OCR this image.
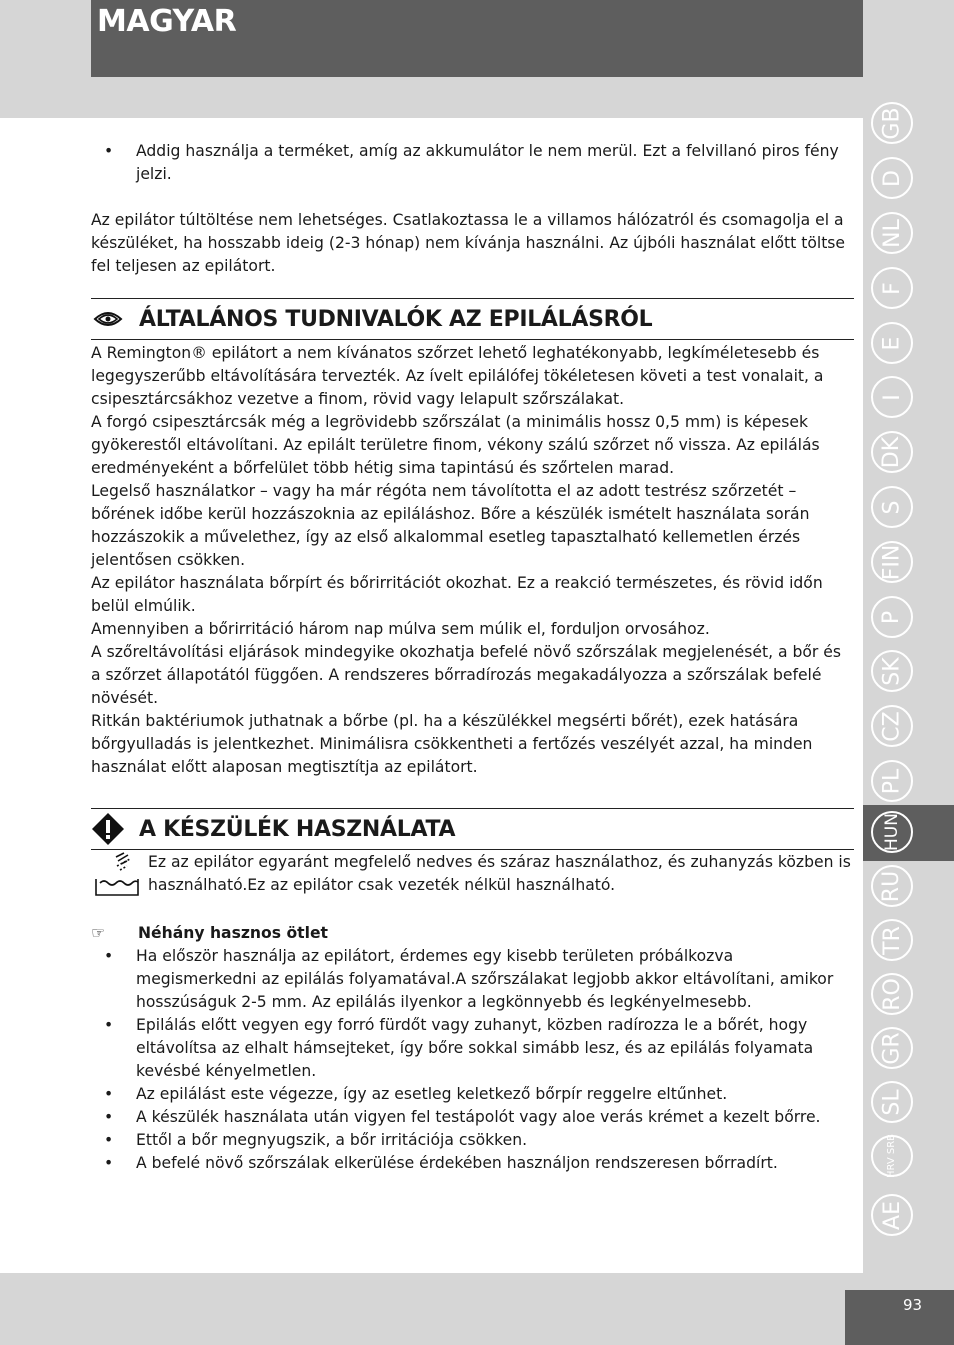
MAGYAR
• Addig használja a terméket, amíg az akkumulátor le nem merül. Ezt a felvillanó piros fény jelzi.

Az epilátor túltöltése nem lehetséges. Csatlakoztassa le a villamos hálózatról és csomagolja el a készüléket, ha hosszabb ideig (2-3 hónap) nem kívánja használni. Az újbóli használat előtt töltse fel teljesen az epilátort.

ÁLTALÁNOS TUDNIVALÓK AZ EPILÁLÁSRÓL

A Remington® epilátort a nem kívánatos szőrzet lehető leghatékonyabb, legkíméletesebb és legegyszerűbb eltávolítására tervezték. Az ívelt epilálófej tökéletesen követi a test vonalait, a csipesztárcsákhoz vezetve a finom, rövid vagy lelapult szőrszálakat.

A forgó csipesztárcsák még a legrövidebb szőrszálat (a minimális hossz 0,5 mm) is képesek gyökerestől eltávolítani. Az epilált területre finom, vékony szálú szőrzet nő vissza. Az epilálás eredményeként a bőrfelület több hétig sima tapintású és szőrtelen marad.

Legelső használatkor – vagy ha már régóta nem távolította el az adott testrész szőrzetét – bőrének időbe kerül hozzászoknia az epiláláshoz. Bőre a készülék ismételt használata során hozzászokik a művelethez, így az első alkalommal esetleg tapasztalható kellemetlen érzés jelentősen csökken.

Az epilátor használata bőrpírt és bőrirritációt okozhat. Ez a reakció természetes, és rövid időn belül elmúlik.

Amennyiben a bőrirritáció három nap múlva sem múlik el, forduljon orvosához.

A szőreltávolítási eljárások mindegyike okozhatja befelé növő szőrszálak megjelenését, a bőr és a szőrzet állapotától függően. A rendszeres bőrradírozás megakadályozza a szőrszálak befelé növését.

Ritkán baktériumok juthatnak a bőrbe (pl. ha a készülékkel megsérti bőrét), ezek hatására bőrgyulladás is jelentkezhet. Minimálisra csökkentheti a fertőzés veszélyét azzal, ha minden használat előtt alaposan megtisztítja az epilátort.

A KÉSZÜLÉK HASZNÁLATA

Ez az epilátor egyaránt megfelelő nedves és száraz használathoz, és zuhanyzás közben is használható.Ez az epilátor csak vezeték nélkül használható.

☞	Néhány hasznos ötlet
• Ha először használja az epilátort, érdemes egy kisebb területen próbálkozva megismerkedni az epilálás folyamatával.A szőrszálakat legjobb akkor eltávolítani, amikor hosszúságuk 2-5 mm. Az epilálás ilyenkor a legkönnyebb és legkényelmesebb.

• Epilálás előtt vegyen egy forró fürdőt vagy zuhanyt, közben radírozza le a bőrét, hogy eltávolítsa az elhalt hámsejteket, így bőre sokkal simább lesz, és az epilálás folyamata kevésbé kényelmetlen.

• Az epilálást este végezze, így az esetleg keletkező bőrpír reggelre eltűnhet.

• A készülék használata után vigyen fel testápolót vagy aloe verás krémet a kezelt bőrre.

• Ettől a bőr megnyugszik, a bőr irritációja csökken.

• A befelé növő szőrszálak elkerülése érdekében használjon rendszeresen bőrradírt.

GB
D
NL
F
E
I
DK
S
FIN
P
SK
CZ
PL
HUN
RU
TR
RO
GR
SL
HRV SRB
AE
93
